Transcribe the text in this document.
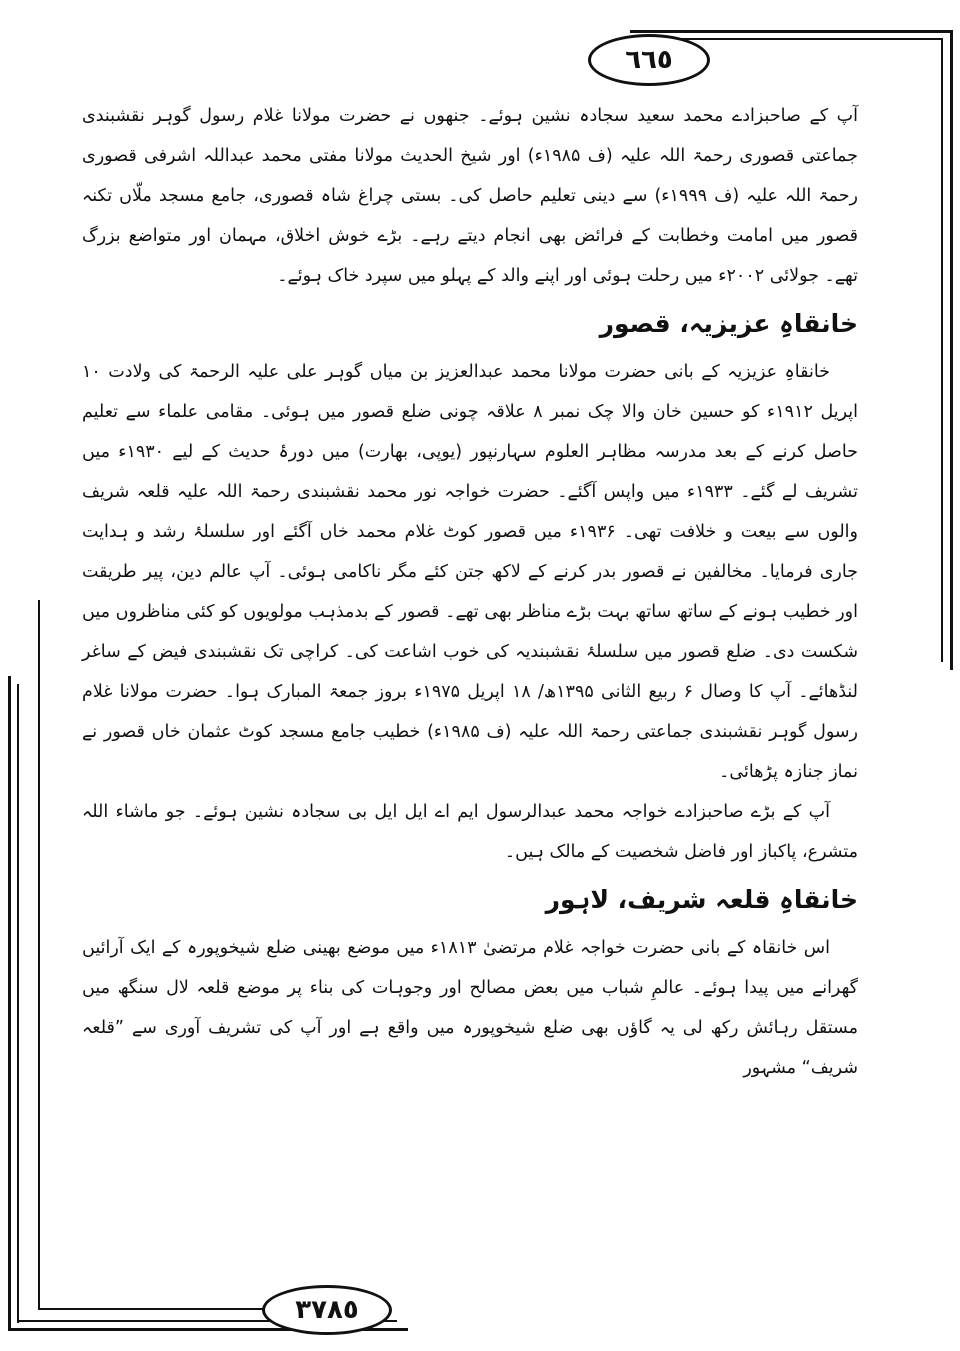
٦٦٥
٣٧٨٥

آپ کے صاحبزادے محمد سعید سجادہ نشین ہوئے۔ جنھوں نے حضرت مولانا غلام رسول گوہر نقشبندی جماعتی قصوری رحمۃ اللہ علیہ (ف ۱۹۸۵ء) اور شیخ الحدیث مولانا مفتی محمد عبداللہ اشرفی قصوری رحمۃ اللہ علیہ (ف ۱۹۹۹ء) سے دینی تعلیم حاصل کی۔ بستی چراغ شاہ قصوری، جامع مسجد ملّاں تکنہ قصور میں امامت وخطابت کے فرائض بھی انجام دیتے رہے۔ بڑے خوش اخلاق، مہمان اور متواضع بزرگ تھے۔ جولائی ۲۰۰۲ء میں رحلت ہوئی اور اپنے والد کے پہلو میں سپرد خاک ہوئے۔

خانقاہِ عزیزیہ، قصور

خانقاہِ عزیزیہ کے بانی حضرت مولانا محمد عبدالعزیز بن میاں گوہر علی علیہ الرحمۃ کی ولادت ۱۰ اپریل ۱۹۱۲ء کو حسین خان والا چک نمبر ۸ علاقہ چونی ضلع قصور میں ہوئی۔ مقامی علماء سے تعلیم حاصل کرنے کے بعد مدرسہ مظاہر العلوم سہارنپور (یوپی، بھارت) میں دورۂ حدیث کے لیے ۱۹۳۰ء میں تشریف لے گئے۔ ۱۹۳۳ء میں واپس آگئے۔ حضرت خواجہ نور محمد نقشبندی رحمۃ اللہ علیہ قلعہ شریف والوں سے بیعت و خلافت تھی۔ ۱۹۳۶ء میں قصور کوٹ غلام محمد خاں آگئے اور سلسلۂ رشد و ہدایت جاری فرمایا۔ مخالفین نے قصور بدر کرنے کے لاکھ جتن کئے مگر ناکامی ہوئی۔ آپ عالم دین، پیر طریقت اور خطیب ہونے کے ساتھ ساتھ بہت بڑے مناظر بھی تھے۔ قصور کے بدمذہب مولویوں کو کئی مناظروں میں شکست دی۔ ضلع قصور میں سلسلۂ نقشبندیہ کی خوب اشاعت کی۔ کراچی تک نقشبندی فیض کے ساغر لنڈھائے۔ آپ کا وصال ۶ ربیع الثانی ۱۳۹۵ھ/ ۱۸ اپریل ۱۹۷۵ء بروز جمعۃ المبارک ہوا۔ حضرت مولانا غلام رسول گوہر نقشبندی جماعتی رحمۃ اللہ علیہ (ف ۱۹۸۵ء) خطیب جامع مسجد کوٹ عثمان خاں قصور نے نماز جنازہ پڑھائی۔

آپ کے بڑے صاحبزادے خواجہ محمد عبدالرسول ایم اے ایل ایل بی سجادہ نشین ہوئے۔ جو ماشاء اللہ متشرع، پاکباز اور فاضل شخصیت کے مالک ہیں۔

خانقاہِ قلعہ شریف، لاہور

اس خانقاہ کے بانی حضرت خواجہ غلام مرتضیٰ ۱۸۱۳ء میں موضع بھینی ضلع شیخوپورہ کے ایک آرائیں گھرانے میں پیدا ہوئے۔ عالمِ شباب میں بعض مصالح اور وجوہات کی بناء پر موضع قلعہ لال سنگھ میں مستقل رہائش رکھ لی یہ گاؤں بھی ضلع شیخوپورہ میں واقع ہے اور آپ کی تشریف آوری سے ”قلعہ شریف“ مشہور
